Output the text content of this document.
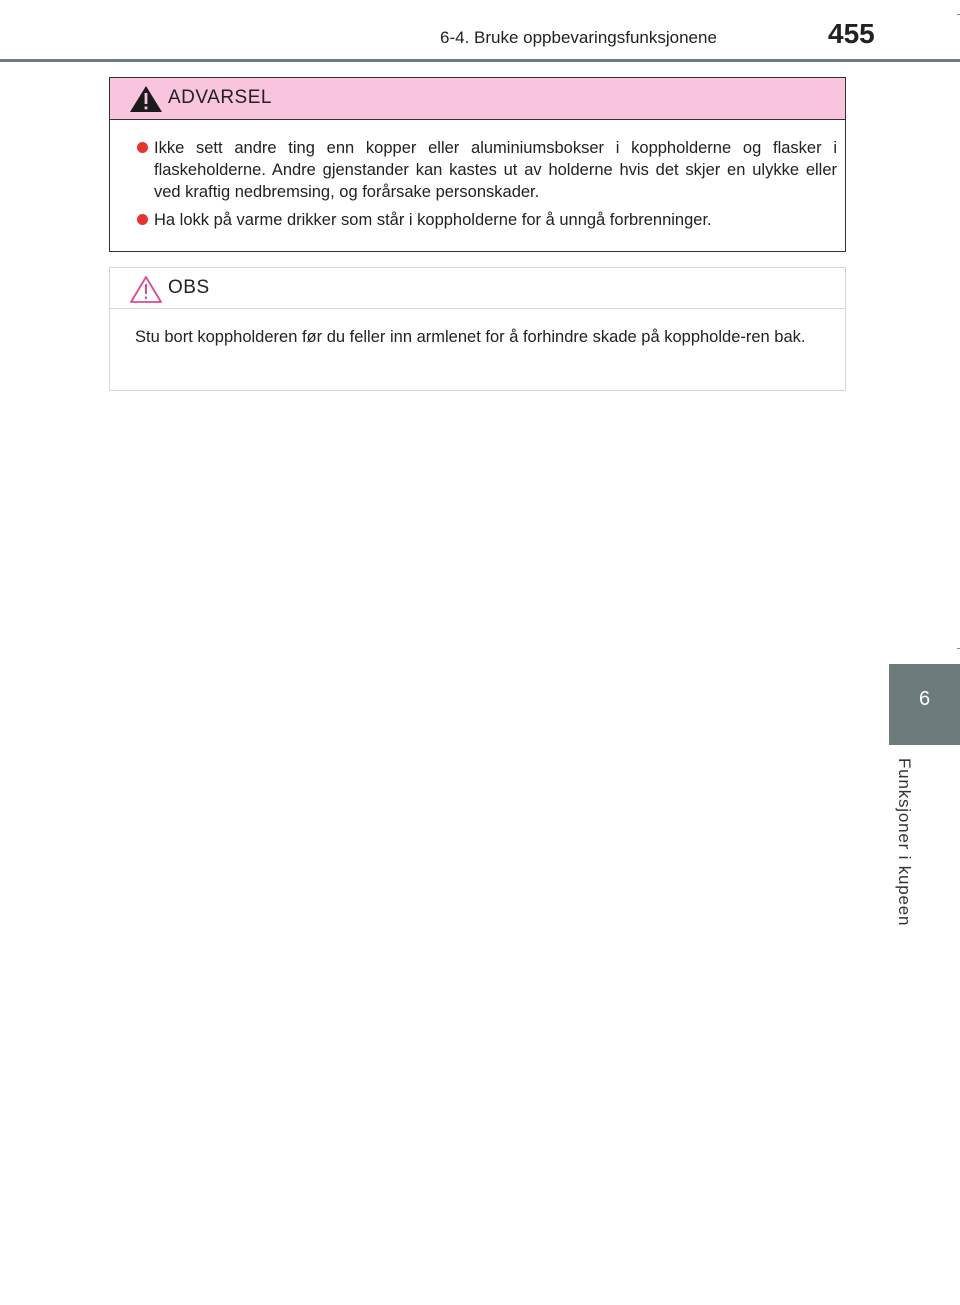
6-4. Bruke oppbevaringsfunksjonene	455
ADVARSEL
Ikke sett andre ting enn kopper eller aluminiumsbokser i koppholderne og flasker i flaskeholderne. Andre gjenstander kan kastes ut av holderne hvis det skjer en ulykke eller ved kraftig nedbremsing, og forårsake personskader.
Ha lokk på varme drikker som står i koppholderne for å unngå forbrenninger.
OBS
Stu bort koppholderen før du feller inn armlenet for å forhindre skade på koppholde-ren bak.
6
Funksjoner i kupeen
